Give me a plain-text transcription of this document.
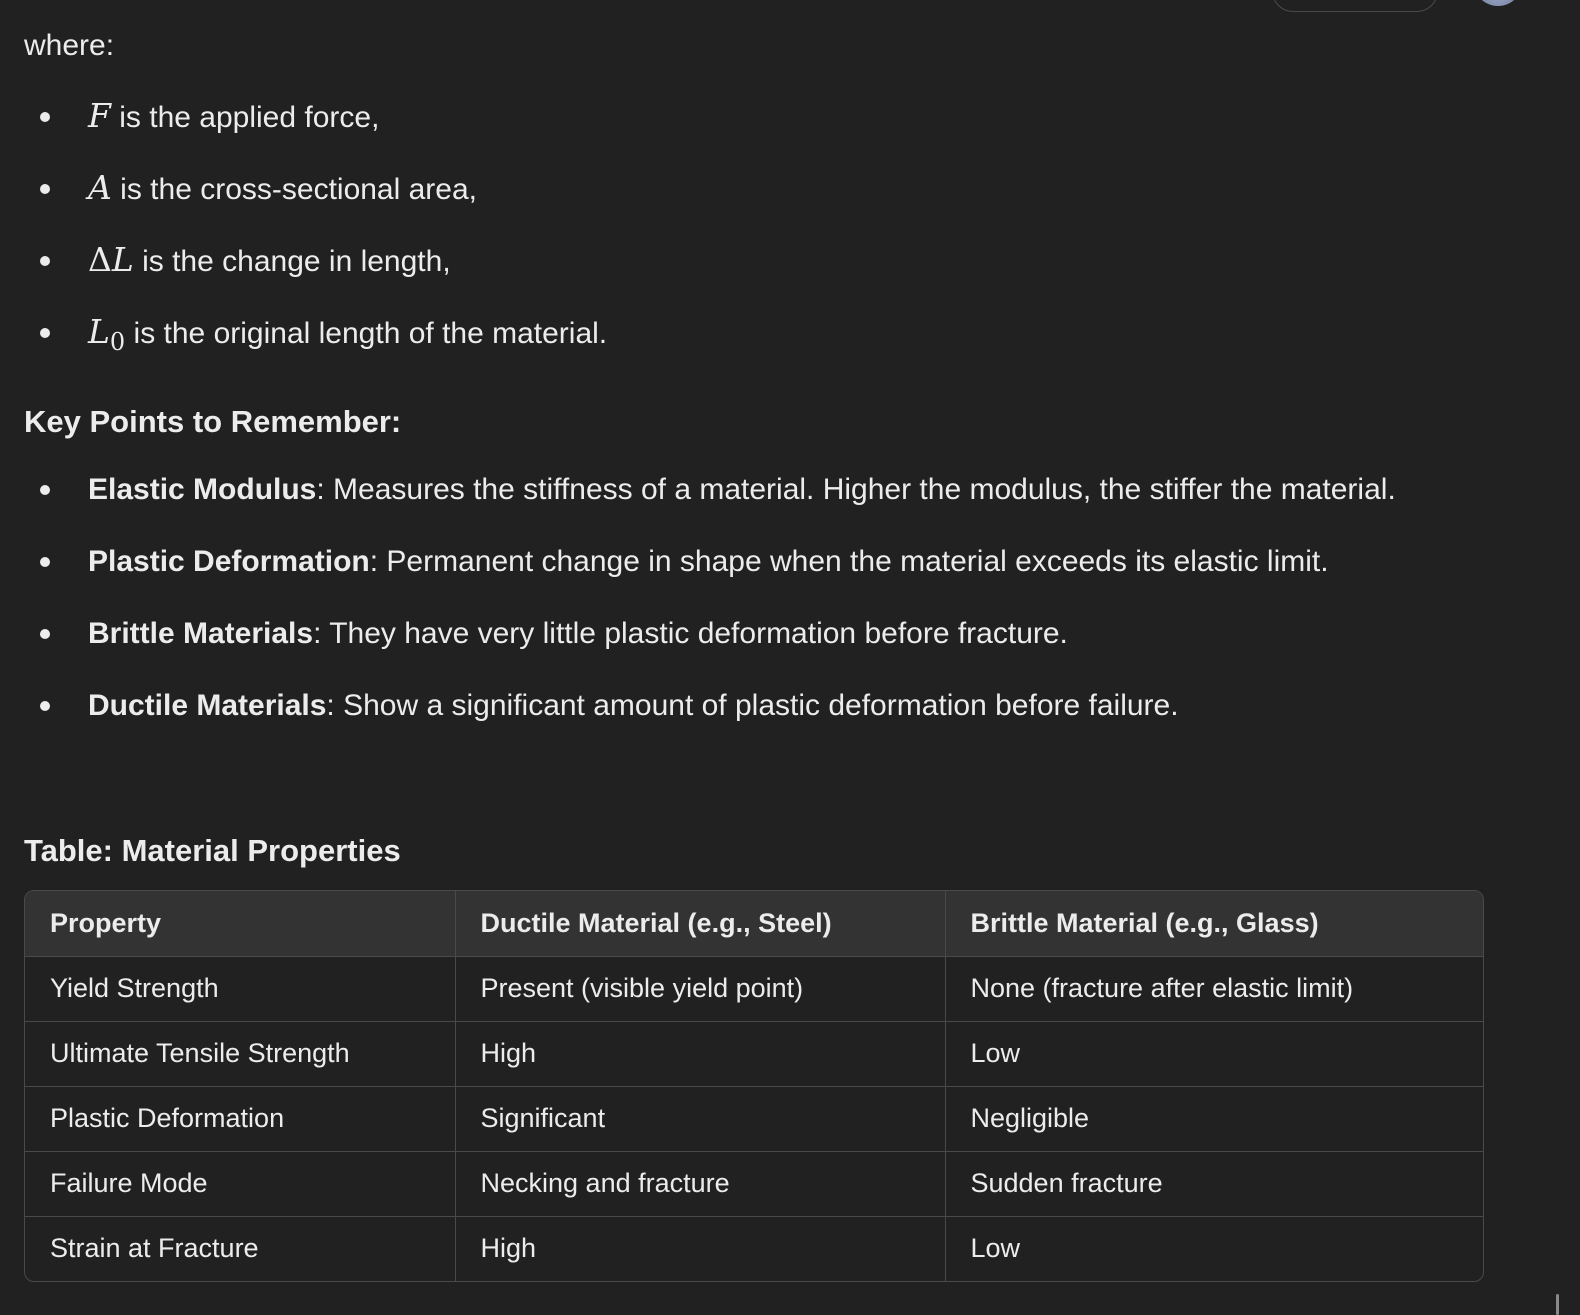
where:

F is the applied force,
A is the cross-sectional area,
ΔL is the change in length,
$L_0$ is the original length of the material.
Key Points to Remember:
Elastic Modulus: Measures the stiffness of a material. Higher the modulus, the stiffer the material.
Plastic Deformation: Permanent change in shape when the material exceeds its elastic limit.
Brittle Materials: They have very little plastic deformation before fracture.
Ductile Materials: Show a significant amount of plastic deformation before failure.
Table: Material Properties
Property	Ductile Material (e.g., Steel)	Brittle Material (e.g., Glass)
Yield Strength	Present (visible yield point)	None (fracture after elastic limit)
Ultimate Tensile Strength	High	Low
Plastic Deformation	Significant	Negligible
Failure Mode	Necking and fracture	Sudden fracture
Strain at Fracture	High	Low
